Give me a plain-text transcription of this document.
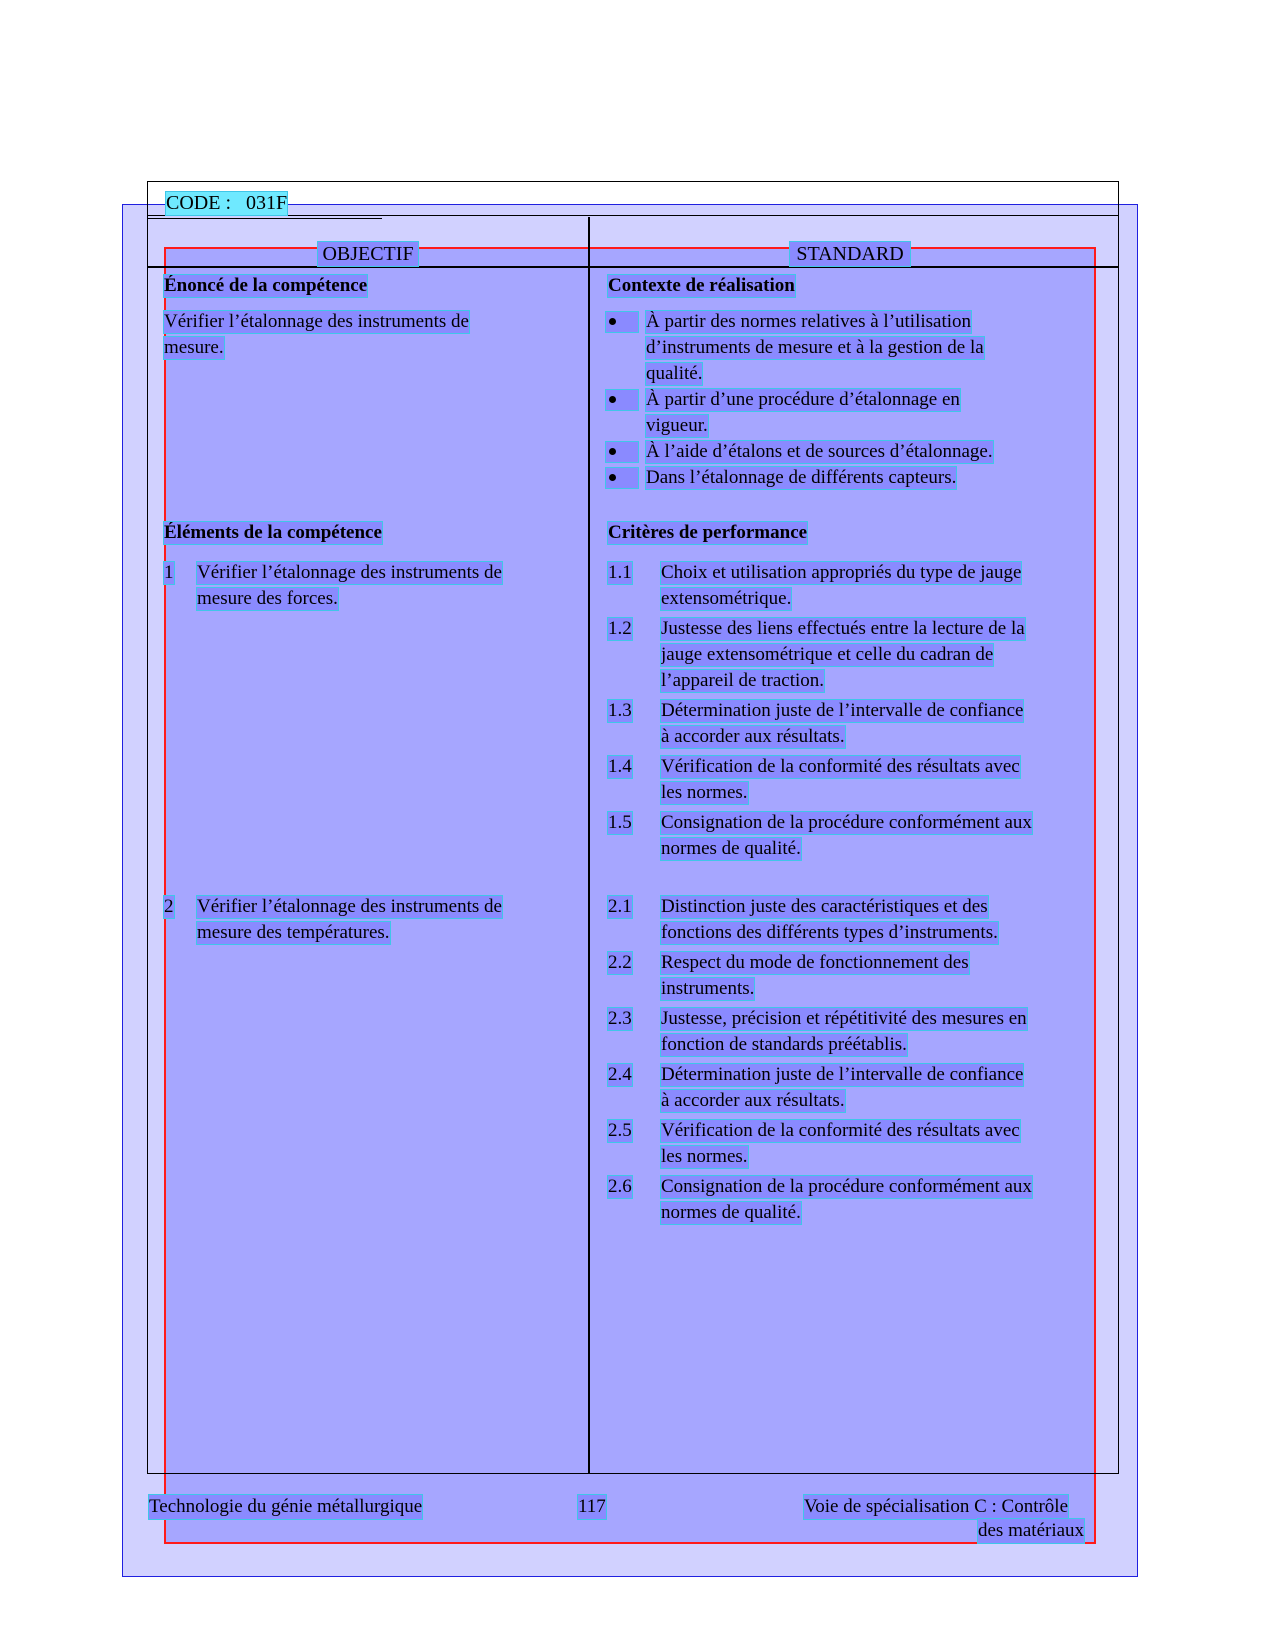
CODE : 031F
OBJECTIF	STANDARD
Énoncé de la compétence
Vérifier l’étalonnage des instruments de
mesure.
Contexte de réalisation
À partir des normes relatives à l’utilisation
d’instruments de mesure et à la gestion de la
qualité.
À partir d’une procédure d’étalonnage en
vigueur.
À l’aide d’étalons et de sources d’étalonnage.
Dans l’étalonnage de différents capteurs.
Éléments de la compétence
1 Vérifier l’étalonnage des instruments de
mesure des forces.
2 Vérifier l’étalonnage des instruments de
mesure des températures.
Critères de performance
1.1 Choix et utilisation appropriés du type de jauge
extensométrique.
1.2 Justesse des liens effectués entre la lecture de la
jauge extensométrique et celle du cadran de
l’appareil de traction.
1.3 Détermination juste de l’intervalle de confiance
à accorder aux résultats.
1.4 Vérification de la conformité des résultats avec
les normes.
1.5 Consignation de la procédure conformément aux
normes de qualité.
2.1 Distinction juste des caractéristiques et des
fonctions des différents types d’instruments.
2.2 Respect du mode de fonctionnement des
instruments.
2.3 Justesse, précision et répétitivité des mesures en
fonction de standards préétablis.
2.4 Détermination juste de l’intervalle de confiance
à accorder aux résultats.
2.5 Vérification de la conformité des résultats avec
les normes.
2.6 Consignation de la procédure conformément aux
normes de qualité.
Technologie du génie métallurgique	117	Voie de spécialisation C : Contrôle
des matériaux
